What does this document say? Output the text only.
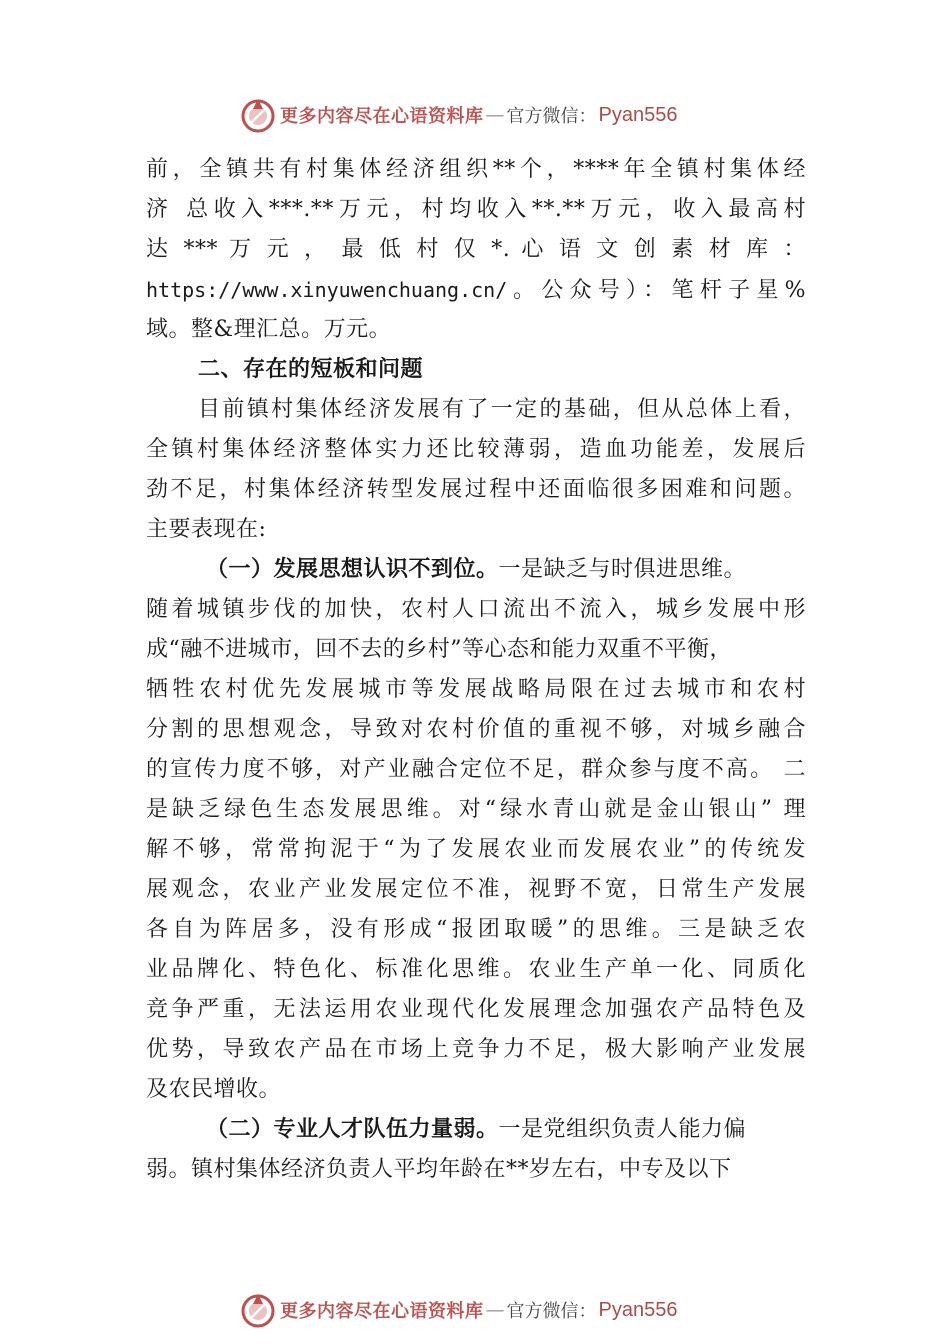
更多内容尽在心语资料库 — 官方微信： Pyan556
前，全镇共有村集体经济组织**个，****年全镇村集体经
济 总收入***.**万元，村均收入**.**万元，收入最高村
达 *** 万 元 ， 最 低 村 仅 *. 心 语 文 创 素 材 库 ：
https://www.xinyuwenchuang.cn/。公众号）：笔杆子星%
域。整&理汇总。万元。
二、存在的短板和问题
目前镇村集体经济发展有了一定的基础，但从总体上看，
全镇村集体经济整体实力还比较薄弱，造血功能差，发展后
劲不足，村集体经济转型发展过程中还面临很多困难和问题。
主要表现在:
（一）发展思想认识不到位。一是缺乏与时俱进思维。
随着城镇步伐的加快，农村人口流出不流入，城乡发展中形
成“融不进城市，回不去的乡村”等心态和能力双重不平衡，
牺牲农村优先发展城市等发展战略局限在过去城市和农村
分割的思想观念，导致对农村价值的重视不够，对城乡融合
的宣传力度不够，对产业融合定位不足，群众参与度不高。 二
是缺乏绿色生态发展思维。对“绿水青山就是金山银山” 理
解不够，常常拘泥于“为了发展农业而发展农业”的传统发
展观念，农业产业发展定位不准，视野不宽，日常生产发展
各自为阵居多，没有形成“报团取暖”的思维。三是缺乏农
业品牌化、特色化、标准化思维。农业生产单一化、同质化
竞争严重，无法运用农业现代化发展理念加强农产品特色及
优势，导致农产品在市场上竞争力不足，极大影响产业发展
及农民增收。
（二）专业人才队伍力量弱。一是党组织负责人能力偏
弱。镇村集体经济负责人平均年龄在**岁左右，中专及以下
更多内容尽在心语资料库 — 官方微信： Pyan556
